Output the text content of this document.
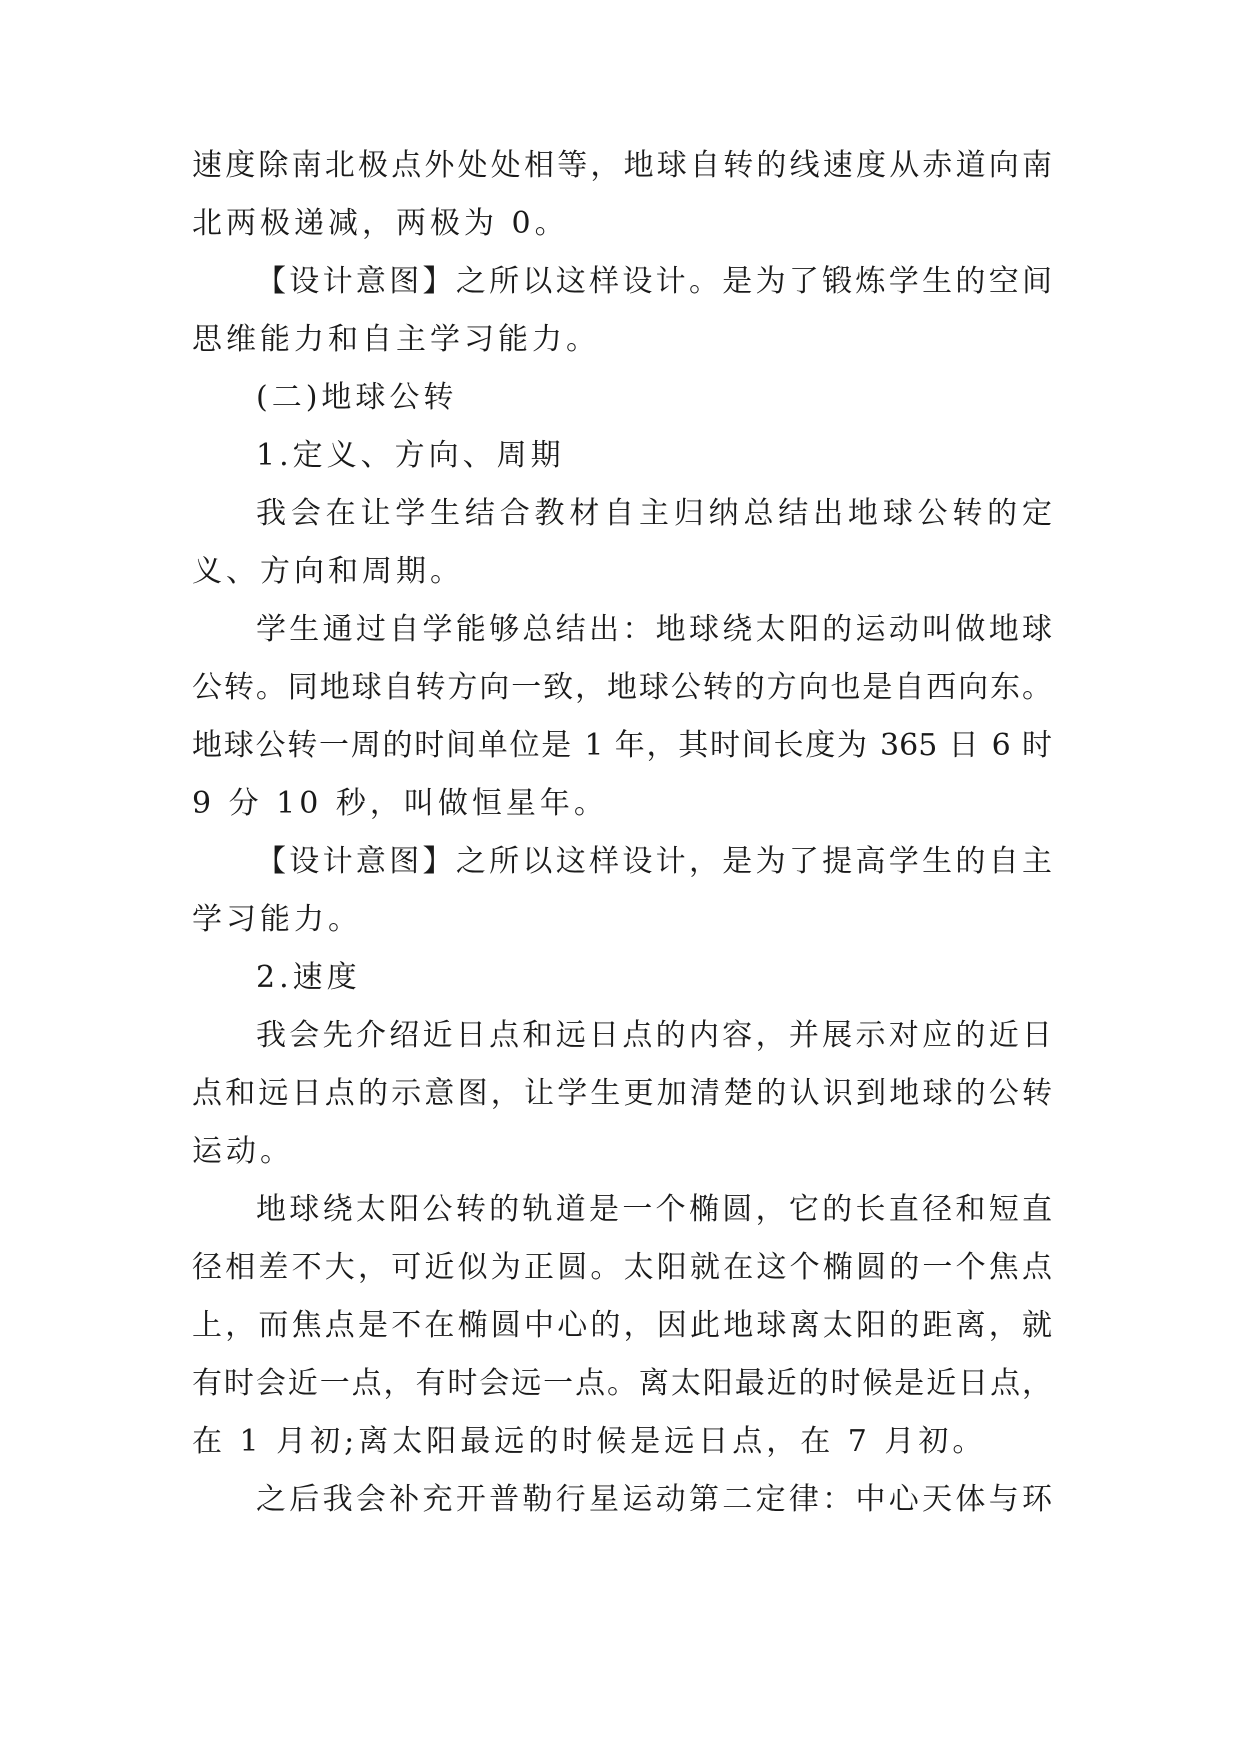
速度除南北极点外处处相等，地球自转的线速度从赤道向南
北两极递减，两极为 0。
【设计意图】之所以这样设计。是为了锻炼学生的空间
思维能力和自主学习能力。
(二)地球公转
1.定义、方向、周期
我会在让学生结合教材自主归纳总结出地球公转的定
义、方向和周期。
学生通过自学能够总结出：地球绕太阳的运动叫做地球
公转。同地球自转方向一致，地球公转的方向也是自西向东。
地球公转一周的时间单位是 1 年，其时间长度为 365 日 6 时
9 分 10 秒，叫做恒星年。
【设计意图】之所以这样设计，是为了提高学生的自主
学习能力。
2.速度
我会先介绍近日点和远日点的内容，并展示对应的近日
点和远日点的示意图，让学生更加清楚的认识到地球的公转
运动。
地球绕太阳公转的轨道是一个椭圆，它的长直径和短直
径相差不大，可近似为正圆。太阳就在这个椭圆的一个焦点
上，而焦点是不在椭圆中心的，因此地球离太阳的距离，就
有时会近一点，有时会远一点。离太阳最近的时候是近日点，
在 1 月初;离太阳最远的时候是远日点，在 7 月初。
之后我会补充开普勒行星运动第二定律：中心天体与环
